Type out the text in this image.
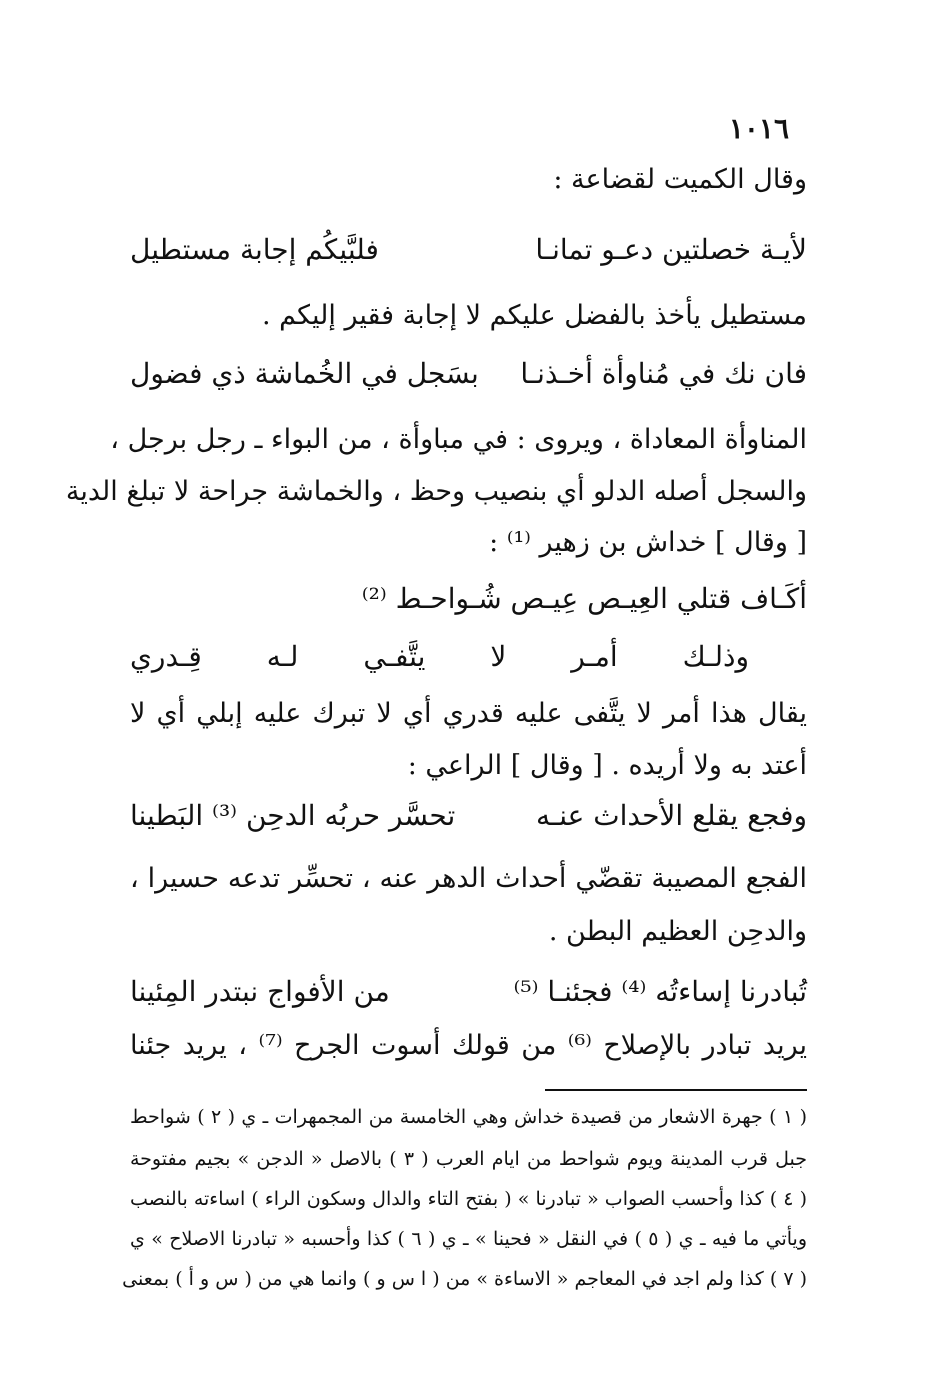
١٠١٦
وقال الكميت لقضاعة :
لأيـة خصلتين دعـو تمانـا
فلبَّيكُم إجابة مستطيل
مستطيل يأخذ بالفضل عليكم لا إجابة فقير إليكم .
فان نك في مُناوأة أخـذنـا
بسَجل في الخُماشة ذي فضول
المناوأة المعاداة ، ويروى : في مباوأة ، من البواء ـ رجل برجل ،
والسجل أصله الدلو أي بنصيب وحظ ، والخماشة جراحة لا تبلغ الدية
[ وقال ] خداش بن زهير ⁽¹⁾ :
أكَـاف قتلي العِيـص عِيـص شُـواحـط ⁽²⁾
وذلـك أمـر لا يتَّفـي لـه قِـدري
يقال هذا أمر لا يتَّفى عليه قدري أي لا تبرك عليه إبلي أي لا
أعتد به ولا أريده . [ وقال ] الراعي :
وفجع يقلع الأحداث عنـه
تحسَّر حربُه الدحِن ⁽³⁾ البَطينا
الفجع المصيبة تقضّي أحداث الدهر عنه ، تحسِّر تدعه حسيرا ،
والدحِن العظيم البطن .
تُبادرنا إساءتُه ⁽⁴⁾ فجئنـا ⁽⁵⁾
من الأفواج نبتدر المِئينا
يريد تبادر بالإصلاح ⁽⁶⁾ من قولك أسوت الجرح ⁽⁷⁾ ، يريد جئنا
( ١ ) جهرة الاشعار من قصيدة خداش وهي الخامسة من المجمهرات ـ ي ( ٢ ) شواحط
جبل قرب المدينة ويوم شواحط من ايام العرب ( ٣ ) بالاصل « الدجن » بجيم مفتوحة
( ٤ ) كذا وأحسب الصواب « تبادرنا » ( بفتح التاء والدال وسكون الراء ) اساءته بالنصب
ويأتي ما فيه ـ ي ( ٥ ) في النقل « فحينا » ـ ي ( ٦ ) كذا وأحسبه « تبادرنا الاصلاح » ي
( ٧ ) كذا ولم اجد في المعاجم « الاساءة » من ( ا س و ) وانما هي من ( س و أ ) بمعنى
